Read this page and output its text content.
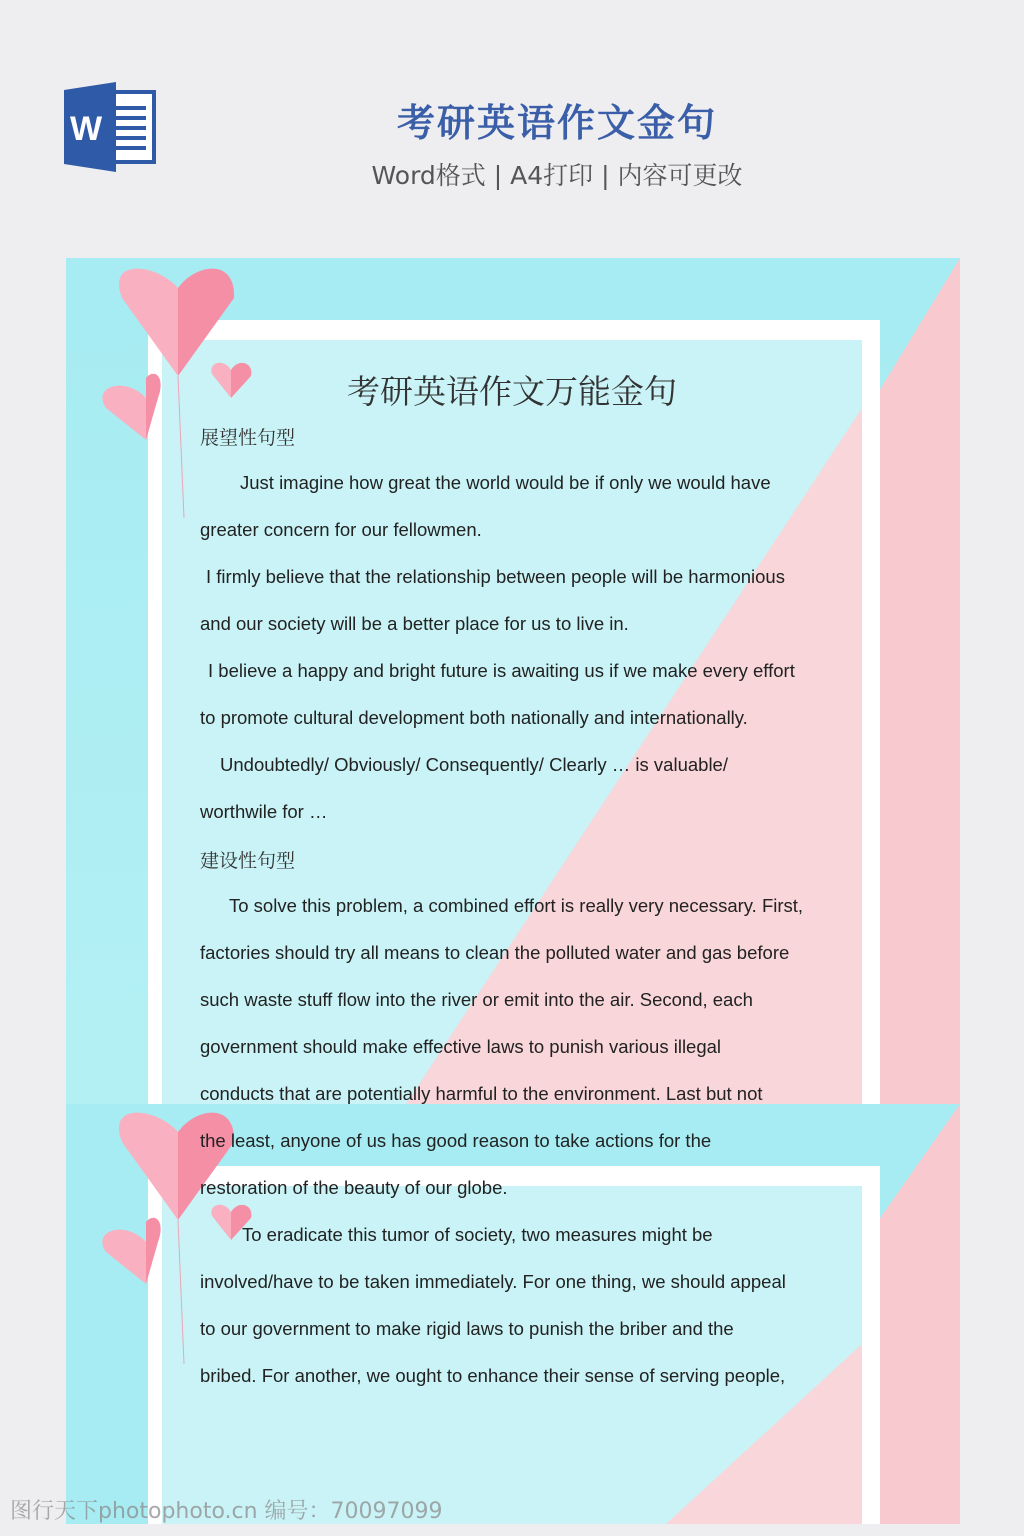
W	考研英语作文金句
Word格式 | A4打印 | 内容可更改
考研英语作文万能金句
展望性句型
Just imagine how great the world would be if only we would have
greater concern for our fellowmen.
I firmly believe that the relationship between people will be harmonious
and our society will be a better place for us to live in.
I believe a happy and bright future is awaiting us if we make every effort
to promote cultural development both nationally and internationally.
Undoubtedly/ Obviously/ Consequently/ Clearly … is valuable/
worthwile for …
建设性句型
To solve this problem, a combined effort is really very necessary. First,
factories should try all means to clean the polluted water and gas before
such waste stuff flow into the river or emit into the air. Second, each
government should make effective laws to punish various illegal
conducts that are potentially harmful to the environment. Last but not
the least, anyone of us has good reason to take actions for the
restoration of the beauty of our globe.
To eradicate this tumor of society, two measures might be
involved/have to be taken immediately. For one thing, we should appeal
to our government to make rigid laws to punish the briber and the
bribed. For another, we ought to enhance their sense of serving people,
图行天下photophoto.cn 编号：70097099
